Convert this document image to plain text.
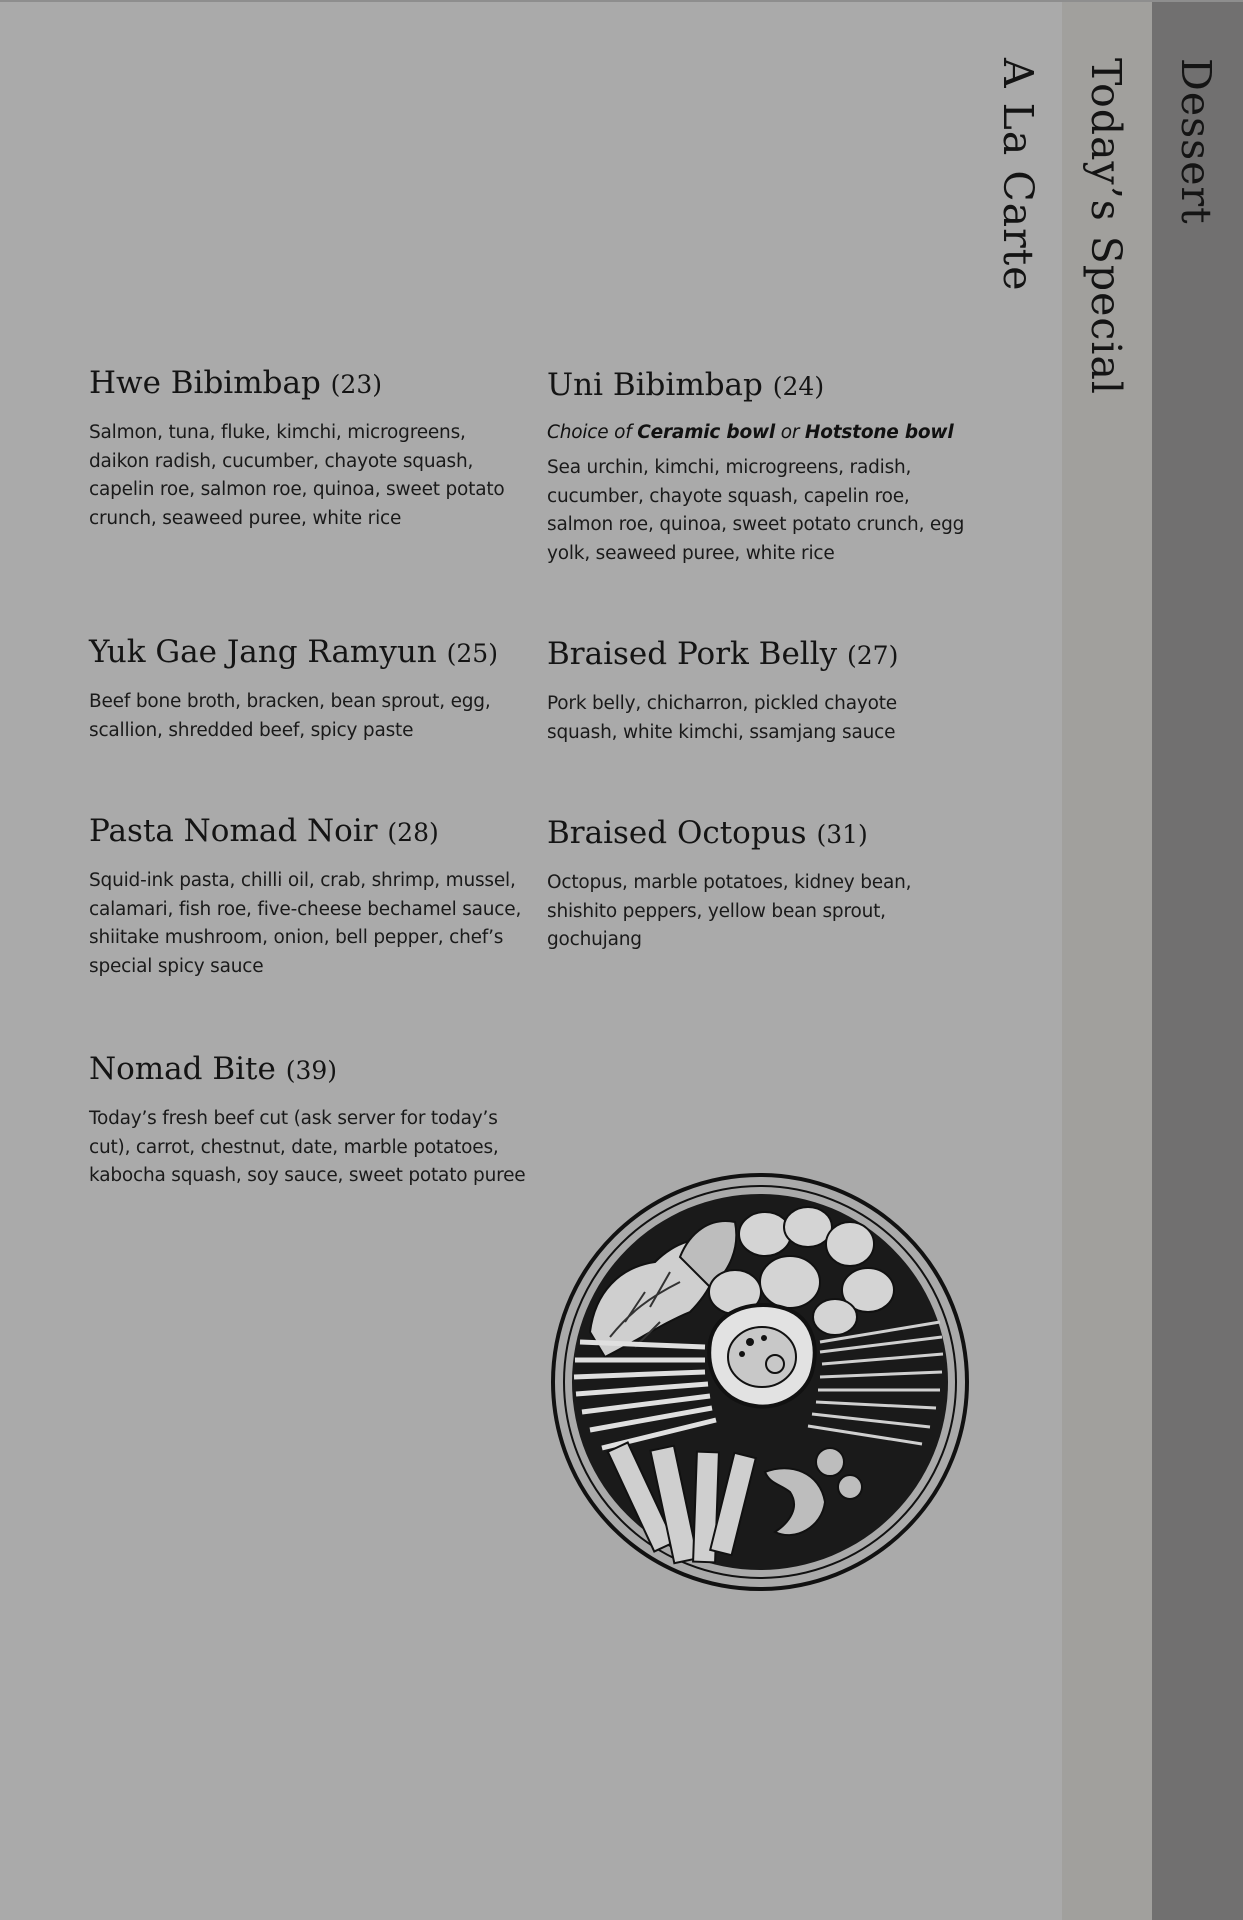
A La Carte Today’s Special Dessert
Hwe Bibimbap (23)
Salmon, tuna, fluke, kimchi, microgreens, daikon radish, cucumber, chayote squash, capelin roe, salmon roe, quinoa, sweet potato crunch, seaweed puree, white rice
Uni Bibimbap (24)
Choice of Ceramic bowl or Hotstone bowl
Sea urchin, kimchi, microgreens, radish, cucumber, chayote squash, capelin roe, salmon roe, quinoa, sweet potato crunch, egg yolk, seaweed puree, white rice
Yuk Gae Jang Ramyun (25)
Beef bone broth, bracken, bean sprout, egg, scallion, shredded beef, spicy paste
Braised Pork Belly (27)
Pork belly, chicharron, pickled chayote squash, white kimchi, ssamjang sauce
Pasta Nomad Noir (28)
Squid-ink pasta, chilli oil, crab, shrimp, mussel, calamari, fish roe, five-cheese bechamel sauce, shiitake mushroom, onion, bell pepper, chef’s special spicy sauce
Braised Octopus (31)
Octopus, marble potatoes, kidney bean, shishito peppers, yellow bean sprout, gochujang
Nomad Bite (39)
Today’s fresh beef cut (ask server for today’s cut), carrot, chestnut, date, marble potatoes, kabocha squash, soy sauce, sweet potato puree
